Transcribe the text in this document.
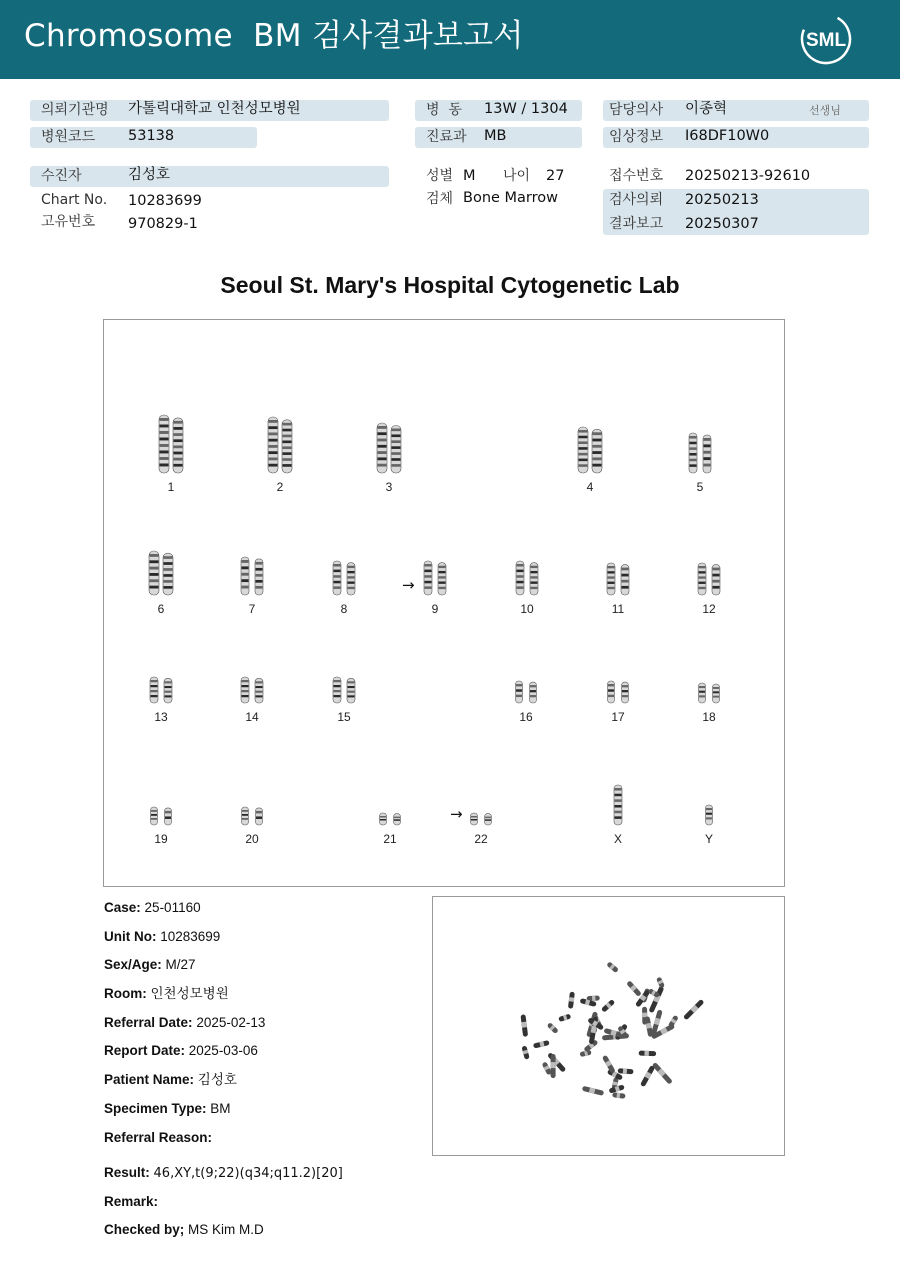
Chromosome  BM 검사결과보고서	SML
의뢰기관명 가톨릭대학교 인천성모병원
병원코드 53138
병  동 13W / 1304
진료과 MB
담당의사 이종혁	선생님
임상정보 I68DF10W0
수진자	김성호
Chart No. 10283699
고유번호 970829-1
성별 M 나이 27
검체 Bone Marrow
접수번호 20250213-92610
검사의뢰 20250213
결과보고 20250307
Seoul St. Mary's Hospital Cytogenetic Lab
1	2	3	4	5
6	7	8	9	10	11	12
13	14	15	16	17	18
19	20	21	22	X	Y
→
→
Case: 25-01160
Unit No: 10283699
Sex/Age: M/27
Room: 인천성모병원
Referral Date: 2025-02-13
Report Date: 2025-03-06
Patient Name: 김성호
Specimen Type: BM
Referral Reason:
Result: 46,XY,t(9;22)(q34;q11.2)[20]
Remark:
Checked by; MS Kim M.D
